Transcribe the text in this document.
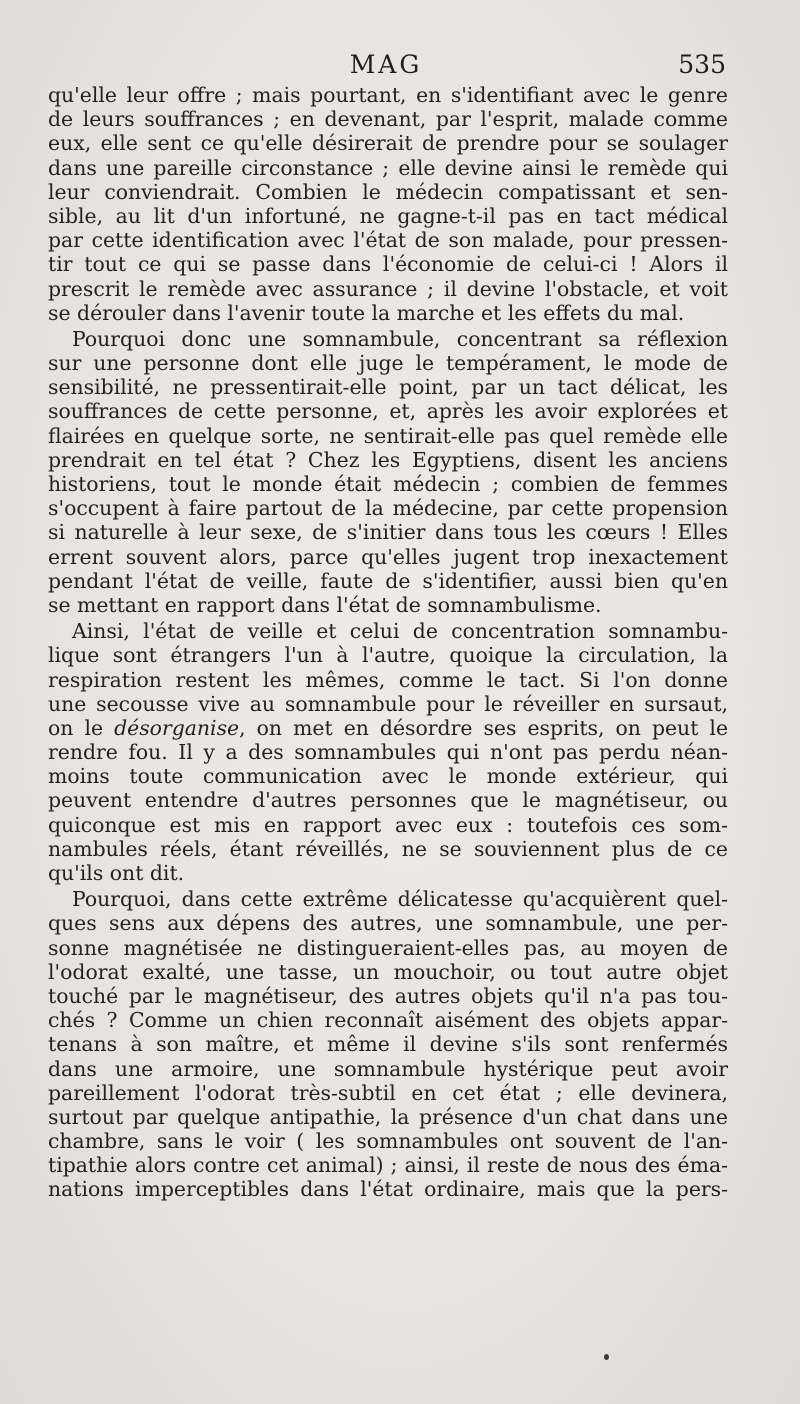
MAG	535
qu'elle leur offre ; mais pourtant, en s'identifiant avec le genre
de leurs souffrances ; en devenant, par l'esprit, malade comme
eux, elle sent ce qu'elle désirerait de prendre pour se soulager
dans une pareille circonstance ; elle devine ainsi le remède qui
leur conviendrait. Combien le médecin compatissant et sen-
sible, au lit d'un infortuné, ne gagne-t-il pas en tact médical
par cette identification avec l'état de son malade, pour pressen-
tir tout ce qui se passe dans l'économie de celui-ci ! Alors il
prescrit le remède avec assurance ; il devine l'obstacle, et voit
se dérouler dans l'avenir toute la marche et les effets du mal.
Pourquoi donc une somnambule, concentrant sa réflexion
sur une personne dont elle juge le tempérament, le mode de
sensibilité, ne pressentirait-elle point, par un tact délicat, les
souffrances de cette personne, et, après les avoir explorées et
flairées en quelque sorte, ne sentirait-elle pas quel remède elle
prendrait en tel état ? Chez les Egyptiens, disent les anciens
historiens, tout le monde était médecin ; combien de femmes
s'occupent à faire partout de la médecine, par cette propension
si naturelle à leur sexe, de s'initier dans tous les cœurs ! Elles
errent souvent alors, parce qu'elles jugent trop inexactement
pendant l'état de veille, faute de s'identifier, aussi bien qu'en
se mettant en rapport dans l'état de somnambulisme.
Ainsi, l'état de veille et celui de concentration somnambu-
lique sont étrangers l'un à l'autre, quoique la circulation, la
respiration restent les mêmes, comme le tact. Si l'on donne
une secousse vive au somnambule pour le réveiller en sursaut,
on le désorganise, on met en désordre ses esprits, on peut le
rendre fou. Il y a des somnambules qui n'ont pas perdu néan-
moins toute communication avec le monde extérieur, qui
peuvent entendre d'autres personnes que le magnétiseur, ou
quiconque est mis en rapport avec eux : toutefois ces som-
nambules réels, étant réveillés, ne se souviennent plus de ce
qu'ils ont dit.
Pourquoi, dans cette extrême délicatesse qu'acquièrent quel-
ques sens aux dépens des autres, une somnambule, une per-
sonne magnétisée ne distingueraient-elles pas, au moyen de
l'odorat exalté, une tasse, un mouchoir, ou tout autre objet
touché par le magnétiseur, des autres objets qu'il n'a pas tou-
chés ? Comme un chien reconnaît aisément des objets appar-
tenans à son maître, et même il devine s'ils sont renfermés
dans une armoire, une somnambule hystérique peut avoir
pareillement l'odorat très-subtil en cet état ; elle devinera,
surtout par quelque antipathie, la présence d'un chat dans une
chambre, sans le voir ( les somnambules ont souvent de l'an-
tipathie alors contre cet animal) ; ainsi, il reste de nous des éma-
nations imperceptibles dans l'état ordinaire, mais que la pers-
